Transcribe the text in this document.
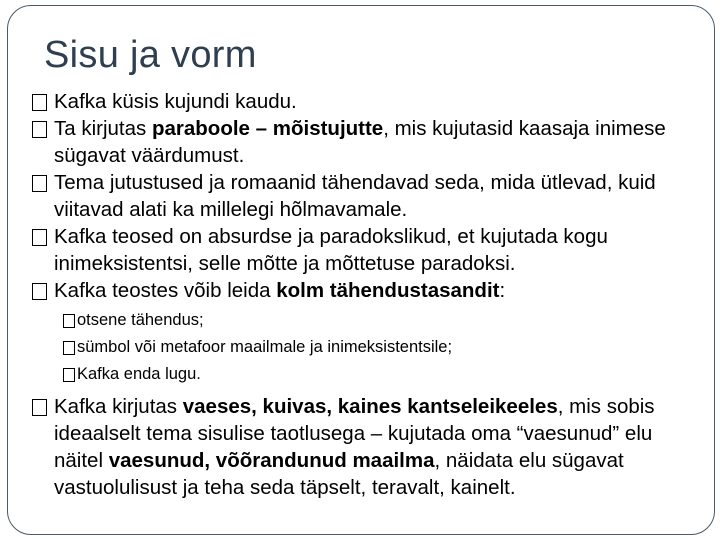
Sisu ja vorm
Kafka küsis kujundi kaudu.
Ta kirjutas paraboole – mõistujutte, mis kujutasid kaasaja inimese sügavat väärdumust.
Tema jutustused ja romaanid tähendavad seda, mida ütlevad, kuid viitavad alati ka millelegi hõlmavamale.
Kafka teosed on absurdse ja paradokslikud, et kujutada kogu inimeksistentsi, selle mõtte ja mõttetuse paradoksi.
Kafka teostes võib leida kolm tähendustasandit:
otsene tähendus;
sümbol või metafoor maailmale ja inimeksistentsile;
Kafka enda lugu.
Kafka kirjutas vaeses, kuivas, kaines kantseleikeeles, mis sobis ideaalselt tema sisulise taotlusega – kujutada oma “vaesunud” elu näitel vaesunud, võõrandunud maailma, näidata elu sügavat vastuolulisust ja teha seda täpselt, teravalt, kainelt.
